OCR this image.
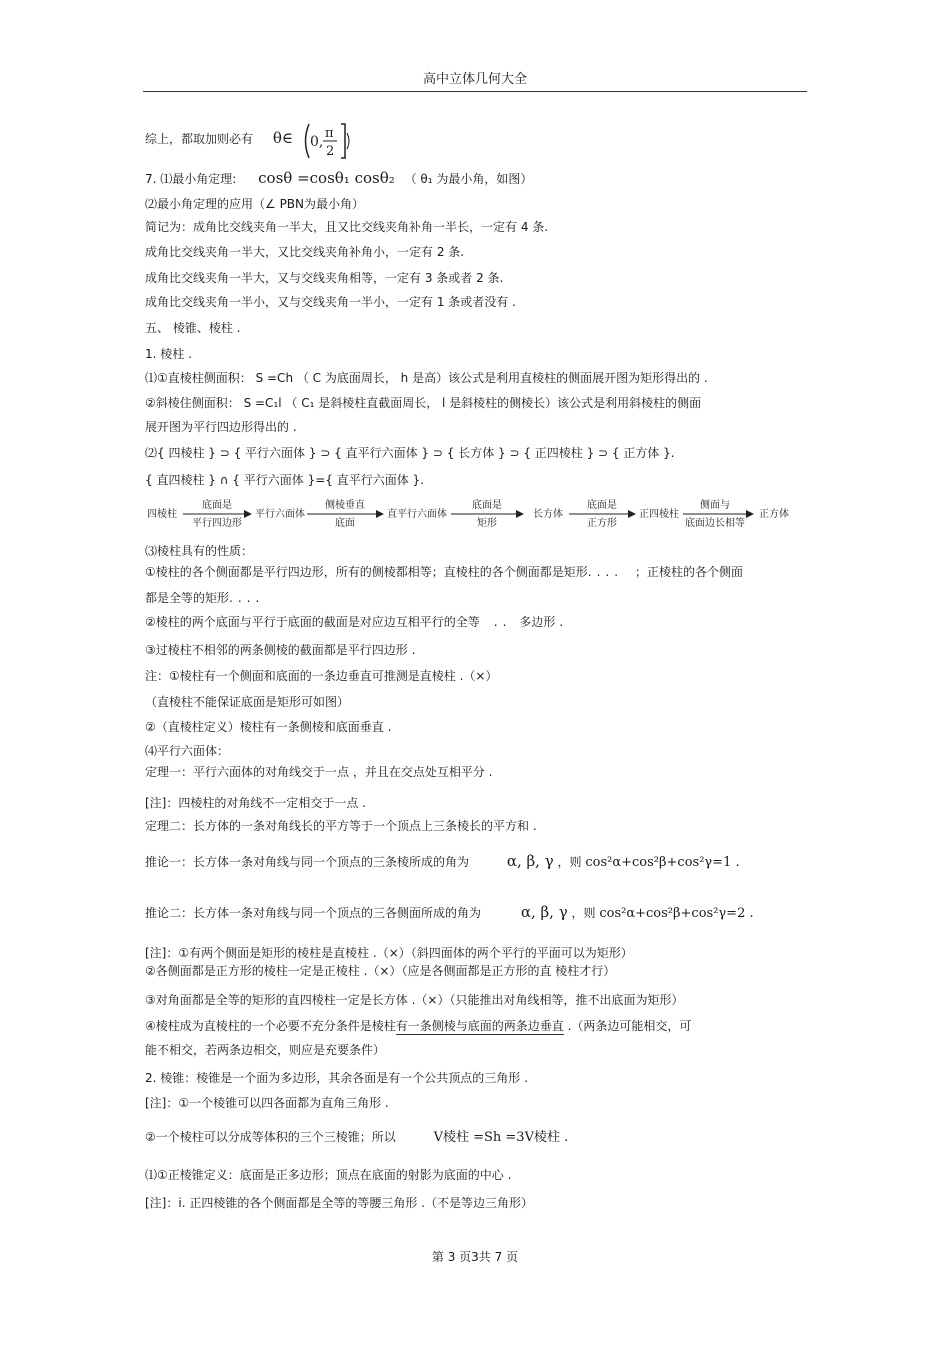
高中立体几何大全
综上，都取加则必有 θ∈ 0,
π
2
7. ⑴最小角定理: cosθ =cosθ₁ cosθ₂ （ θ₁ 为最小角，如图）
⑵最小角定理的应用（∠ PBN为最小角）
简记为：成角比交线夹角一半大，且又比交线夹角补角一半长，一定有 4 条.
成角比交线夹角一半大，又比交线夹角补角小，一定有 2 条.
成角比交线夹角一半大，又与交线夹角相等，一定有 3 条或者 2 条.
成角比交线夹角一半小，又与交线夹角一半小，一定有 1 条或者没有 .
五、 棱锥、棱柱 .
1. 棱柱 .
⑴①直棱柱侧面积： S =Ch （ C 为底面周长， h 是高）该公式是利用直棱柱的侧面展开图为矩形得出的 .
②斜棱住侧面积： S =C₁l （ C₁ 是斜棱柱直截面周长， l 是斜棱柱的侧棱长）该公式是利用斜棱柱的侧面
展开图为平行四边形得出的 .
⑵{ 四棱柱 } ⊃ { 平行六面体 } ⊃ { 直平行六面体 } ⊃ { 长方体 } ⊃ { 正四棱柱 } ⊃ { 正方体 }.
{ 直四棱柱 } ∩ { 平行六面体 }={ 直平行六面体 }.
四棱柱
底面是
平行四边形
平行六面体
侧棱垂直
底面
直平行六面体
底面是
矩形
长方体
底面是
正方形
正四棱柱
侧面与
底面边长相等
正方体
⑶棱柱具有的性质：
①棱柱的各个侧面都是平行四边形，所有的侧棱都相等；直棱柱的各个侧面都是矩形.... ；正棱柱的各个侧面
都是全等的矩形....
②棱柱的两个底面与平行于底面的截面是对应边互相平行的全等 .. 多边形 .
③过棱柱不相邻的两条侧棱的截面都是平行四边形 .
注：①棱柱有一个侧面和底面的一条边垂直可推测是直棱柱 .（×）
（直棱柱不能保证底面是矩形可如图）
②（直棱柱定义）棱柱有一条侧棱和底面垂直 .
⑷平行六面体：
定理一：平行六面体的对角线交于一点 ，并且在交点处互相平分 .
[注]：四棱柱的对角线不一定相交于一点 .
定理二：长方体的一条对角线长的平方等于一个顶点上三条棱长的平方和 .
推论一：长方体一条对角线与同一个顶点的三条棱所成的角为	α, β, γ ，则 cos²α+cos²β+cos²γ=1 .
推论二：长方体一条对角线与同一个顶点的三各侧面所成的角为	α, β, γ ，则 cos²α+cos²β+cos²γ=2 .
[注]：①有两个侧面是矩形的棱柱是直棱柱 .（×）（斜四面体的两个平行的平面可以为矩形）
②各侧面都是正方形的棱柱一定是正棱柱 .（×）（应是各侧面都是正方形的直 棱柱才行）
③对角面都是全等的矩形的直四棱柱一定是长方体 .（×）（只能推出对角线相等，推不出底面为矩形）
④棱柱成为直棱柱的一个必要不充分条件是棱柱有一条侧棱与底面的两条边垂直 .（两条边可能相交，可
能不相交，若两条边相交，则应是充要条件）
2. 棱锥：棱锥是一个面为多边形，其余各面是有一个公共顶点的三角形 .
[注]：①一个棱锥可以四各面都为直角三角形 .
②一个棱柱可以分成等体积的三个三棱锥；所以	V棱柱 =Sh =3V棱柱 .
⑴①正棱锥定义：底面是正多边形；顶点在底面的射影为底面的中心 .
[注]：i. 正四棱锥的各个侧面都是全等的等腰三角形 .（不是等边三角形）
第 3 页3共 7 页
